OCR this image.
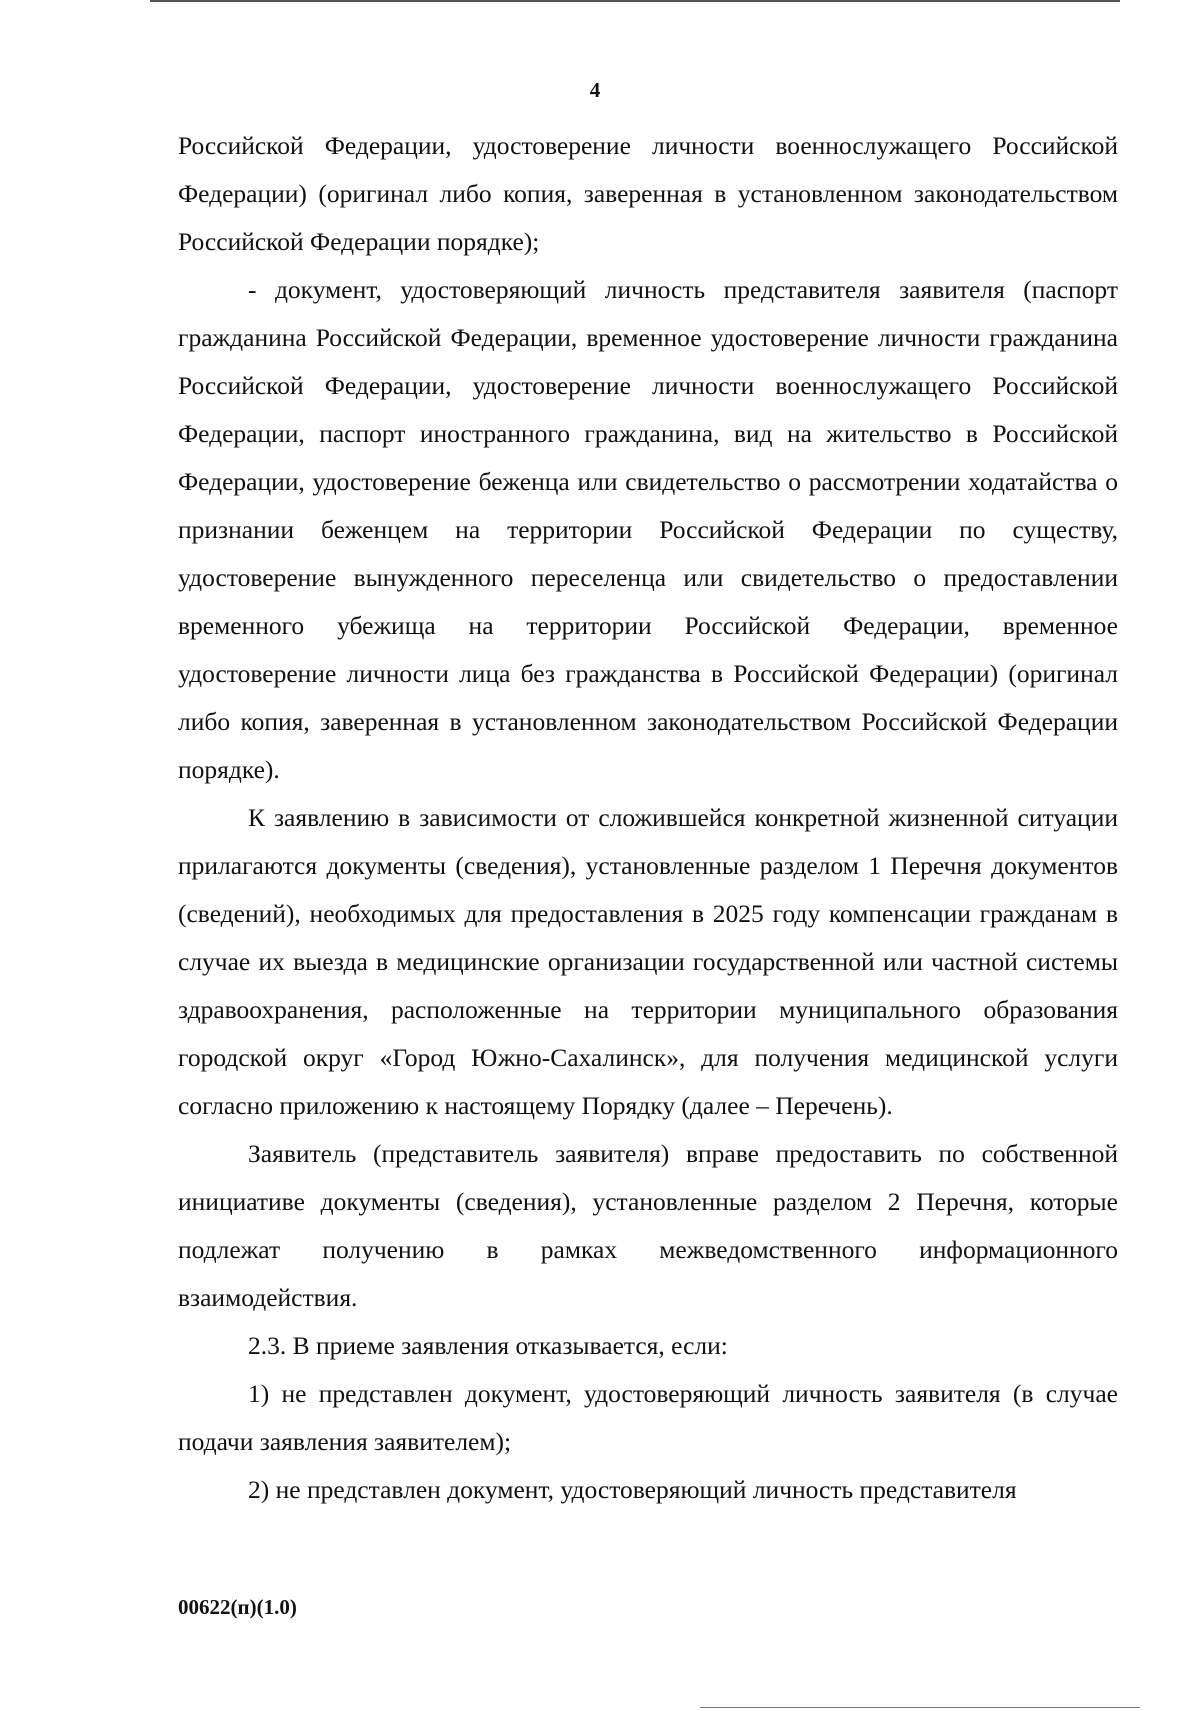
4

Российской Федерации, удостоверение личности военнослужащего Российской Федерации) (оригинал либо копия, заверенная в установленном законодательством Российской Федерации порядке);

- документ, удостоверяющий личность представителя заявителя (паспорт гражданина Российской Федерации, временное удостоверение личности гражданина Российской Федерации, удостоверение личности военнослужащего Российской Федерации, паспорт иностранного гражданина, вид на жительство в Российской Федерации, удостоверение беженца или свидетельство о рассмотрении ходатайства о признании беженцем на территории Российской Федерации по существу, удостоверение вынужденного переселенца или свидетельство о предоставлении временного убежища на территории Российской Федерации, временное удостоверение личности лица без гражданства в Российской Федерации) (оригинал либо копия, заверенная в установленном законодательством Российской Федерации порядке).

К заявлению в зависимости от сложившейся конкретной жизненной ситуации прилагаются документы (сведения), установленные разделом 1 Перечня документов (сведений), необходимых для предоставления в 2025 году компенсации гражданам в случае их выезда в медицинские организации государственной или частной системы здравоохранения, расположенные на территории муниципального образования городской округ «Город Южно-Сахалинск», для получения медицинской услуги согласно приложению к настоящему Порядку (далее – Перечень).

Заявитель (представитель заявителя) вправе предоставить по собственной инициативе документы (сведения), установленные разделом 2 Перечня, которые подлежат получению в рамках межведомственного информационного взаимодействия.

2.3. В приеме заявления отказывается, если:

1) не представлен документ, удостоверяющий личность заявителя (в случае подачи заявления заявителем);

2) не представлен документ, удостоверяющий личность представителя

00622(п)(1.0)
